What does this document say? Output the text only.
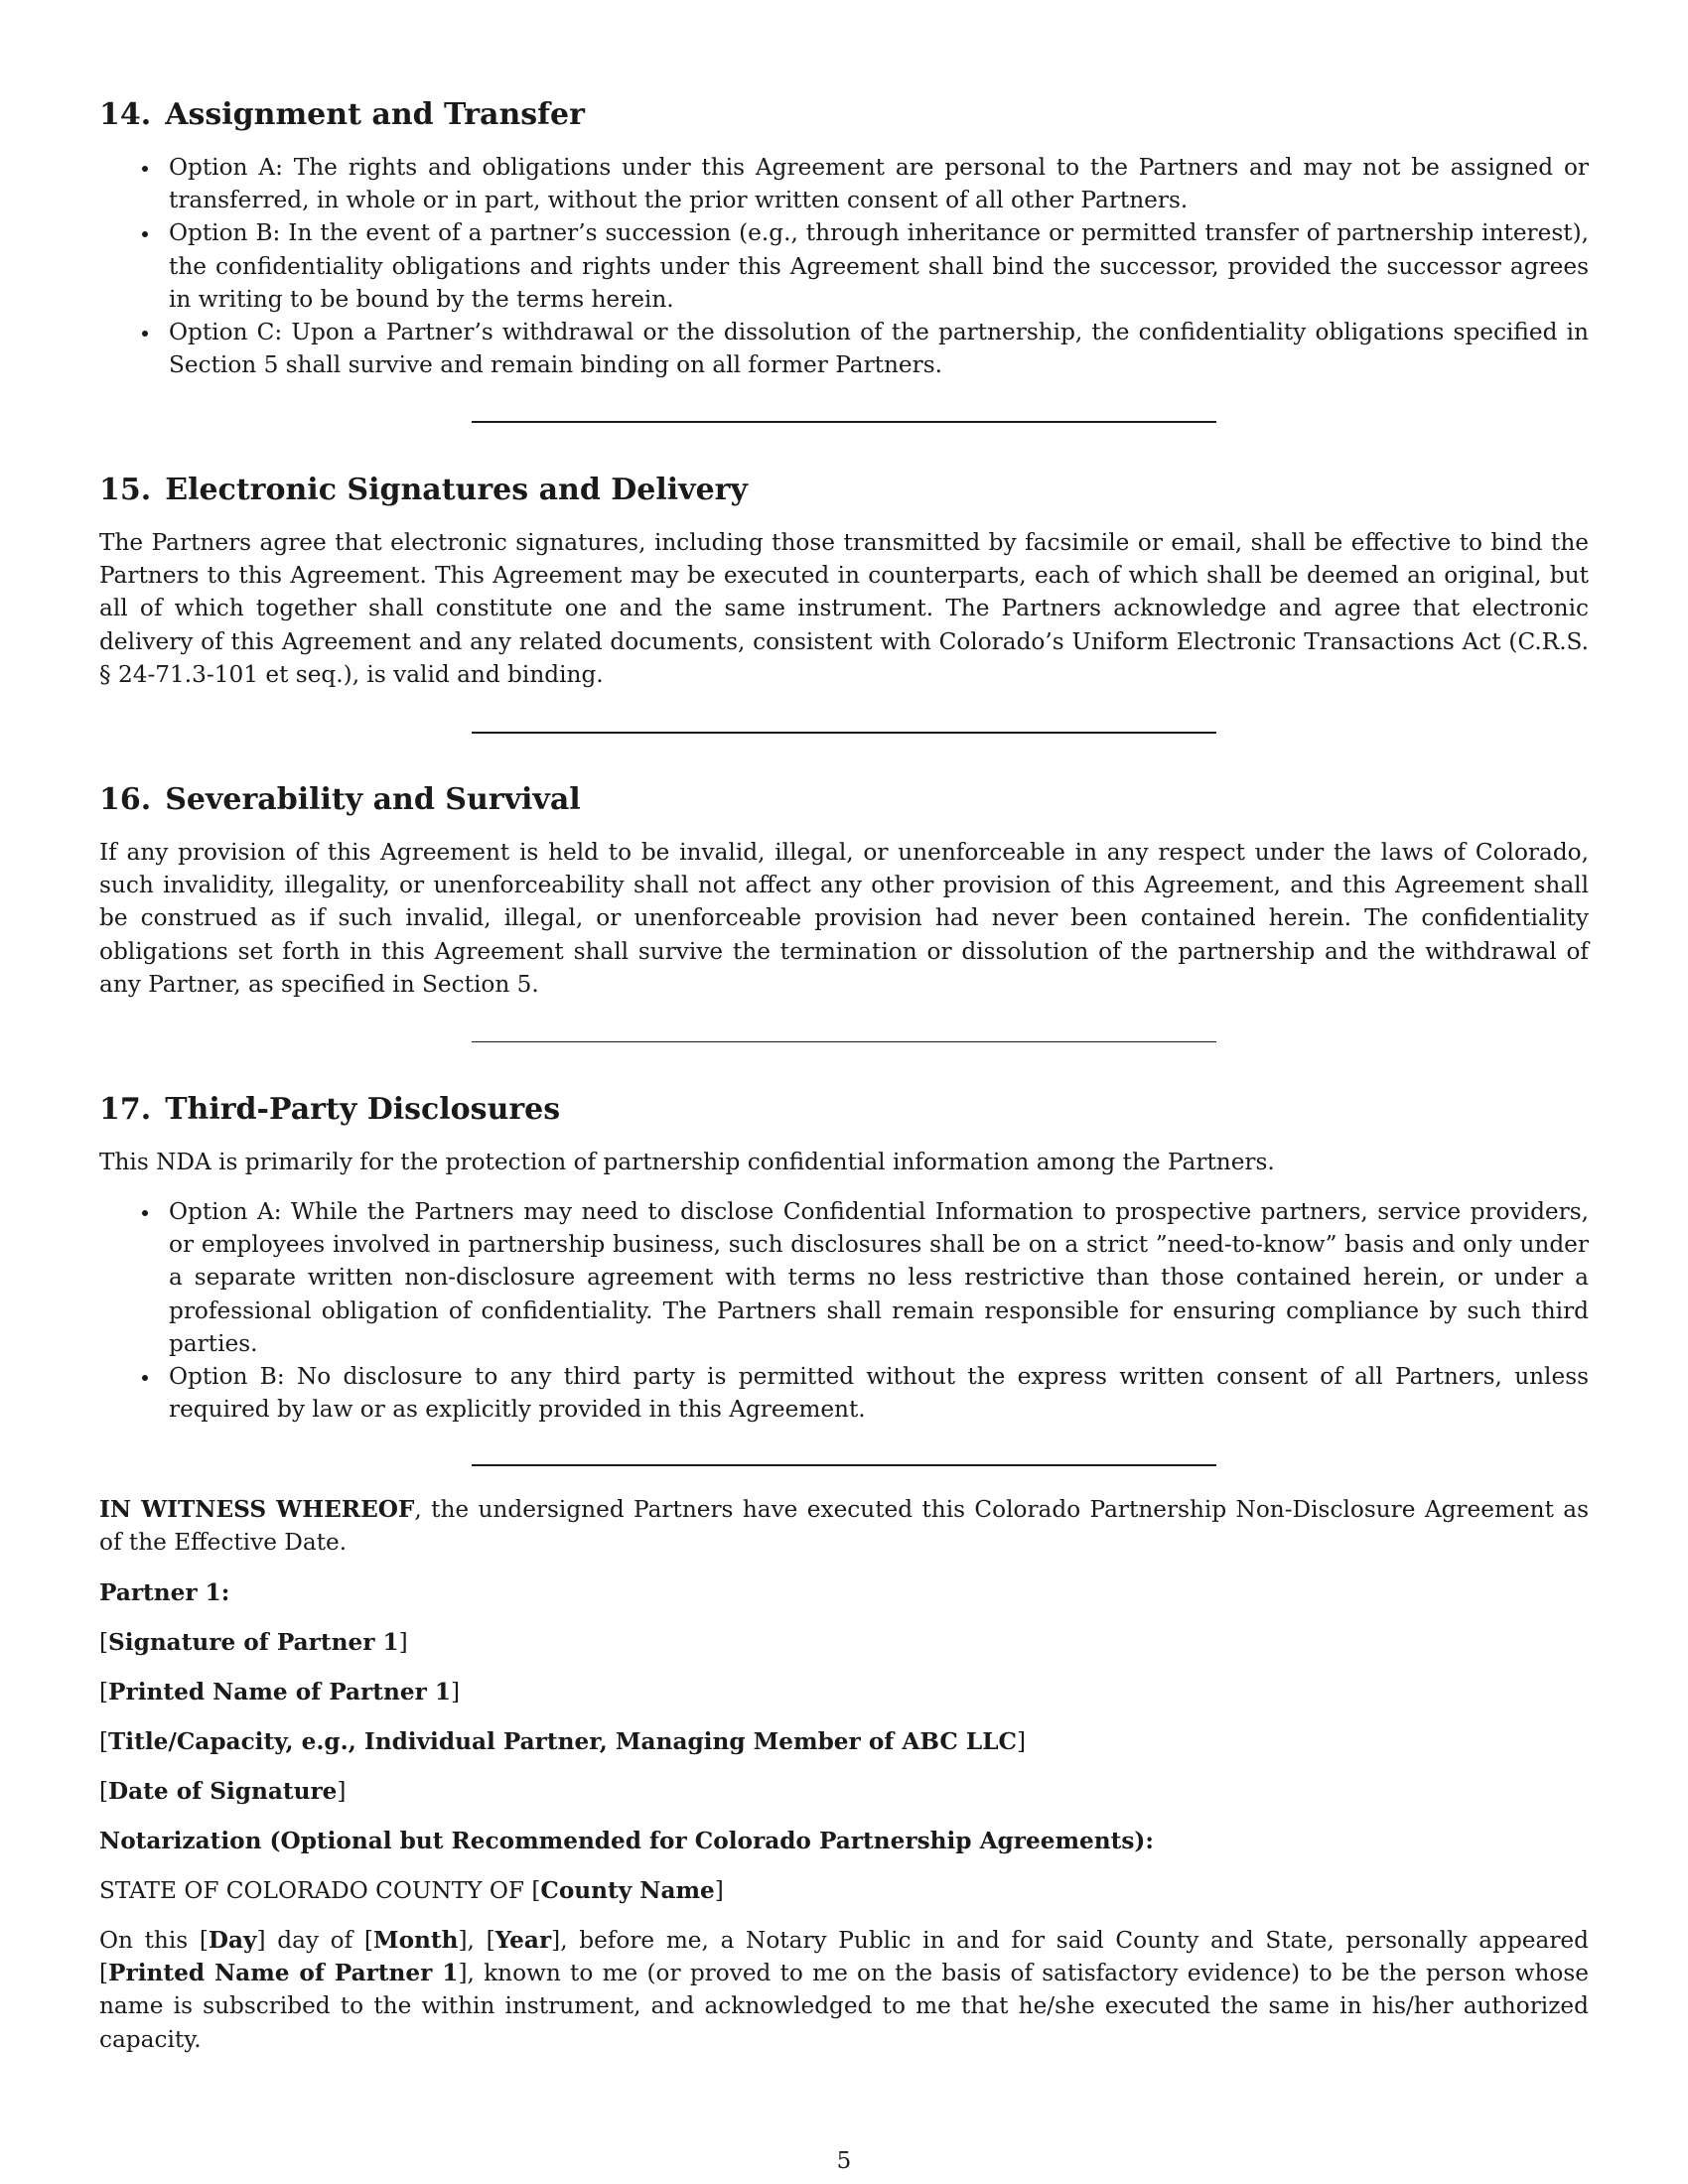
14. Assignment and Transfer
Option A: The rights and obligations under this Agreement are personal to the Partners and may not be assigned or transferred, in whole or in part, without the prior written consent of all other Partners.
Option B: In the event of a partner’s succession (e.g., through inheritance or permitted transfer of partnership interest), the confidentiality obligations and rights under this Agreement shall bind the successor, provided the successor agrees in writing to be bound by the terms herein.
Option C: Upon a Partner’s withdrawal or the dissolution of the partnership, the confidentiality obligations specified in Section 5 shall survive and remain binding on all former Partners.
15. Electronic Signatures and Delivery

The Partners agree that electronic signatures, including those transmitted by facsimile or email, shall be effective to bind the Partners to this Agreement. This Agreement may be executed in counterparts, each of which shall be deemed an original, but all of which together shall constitute one and the same instrument. The Partners acknowledge and agree that electronic delivery of this Agreement and any related documents, consistent with Colorado’s Uniform Electronic Transactions Act (C.R.S. § 24-71.3-101 et seq.), is valid and binding.

16. Severability and Survival

If any provision of this Agreement is held to be invalid, illegal, or unenforceable in any respect under the laws of Colorado, such invalidity, illegality, or unenforceability shall not affect any other provision of this Agreement, and this Agreement shall be construed as if such invalid, illegal, or unenforceable provision had never been contained herein. The confidentiality obligations set forth in this Agreement shall survive the termination or dissolution of the partnership and the withdrawal of any Partner, as specified in Section 5.

17. Third-Party Disclosures

This NDA is primarily for the protection of partnership confidential information among the Partners.

Option A: While the Partners may need to disclose Confidential Information to prospective partners, service providers, or employees involved in partnership business, such disclosures shall be on a strict ”need-to-know” basis and only under a separate written non-disclosure agreement with terms no less restrictive than those contained herein, or under a professional obligation of confidentiality. The Partners shall remain responsible for ensuring compliance by such third parties.
Option B: No disclosure to any third party is permitted without the express written consent of all Partners, unless required by law or as explicitly provided in this Agreement.

IN WITNESS WHEREOF, the undersigned Partners have executed this Colorado Partnership Non-Disclosure Agreement as of the Effective Date.

Partner 1:

[Signature of Partner 1]

[Printed Name of Partner 1]

[Title/Capacity, e.g., Individual Partner, Managing Member of ABC LLC]

[Date of Signature]

Notarization (Optional but Recommended for Colorado Partnership Agreements):

STATE OF COLORADO COUNTY OF [County Name]

On this [Day] day of [Month], [Year], before me, a Notary Public in and for said County and State, personally appeared [Printed Name of Partner 1], known to me (or proved to me on the basis of satisfactory evidence) to be the person whose name is subscribed to the within instrument, and acknowledged to me that he/she executed the same in his/her authorized capacity.

5
